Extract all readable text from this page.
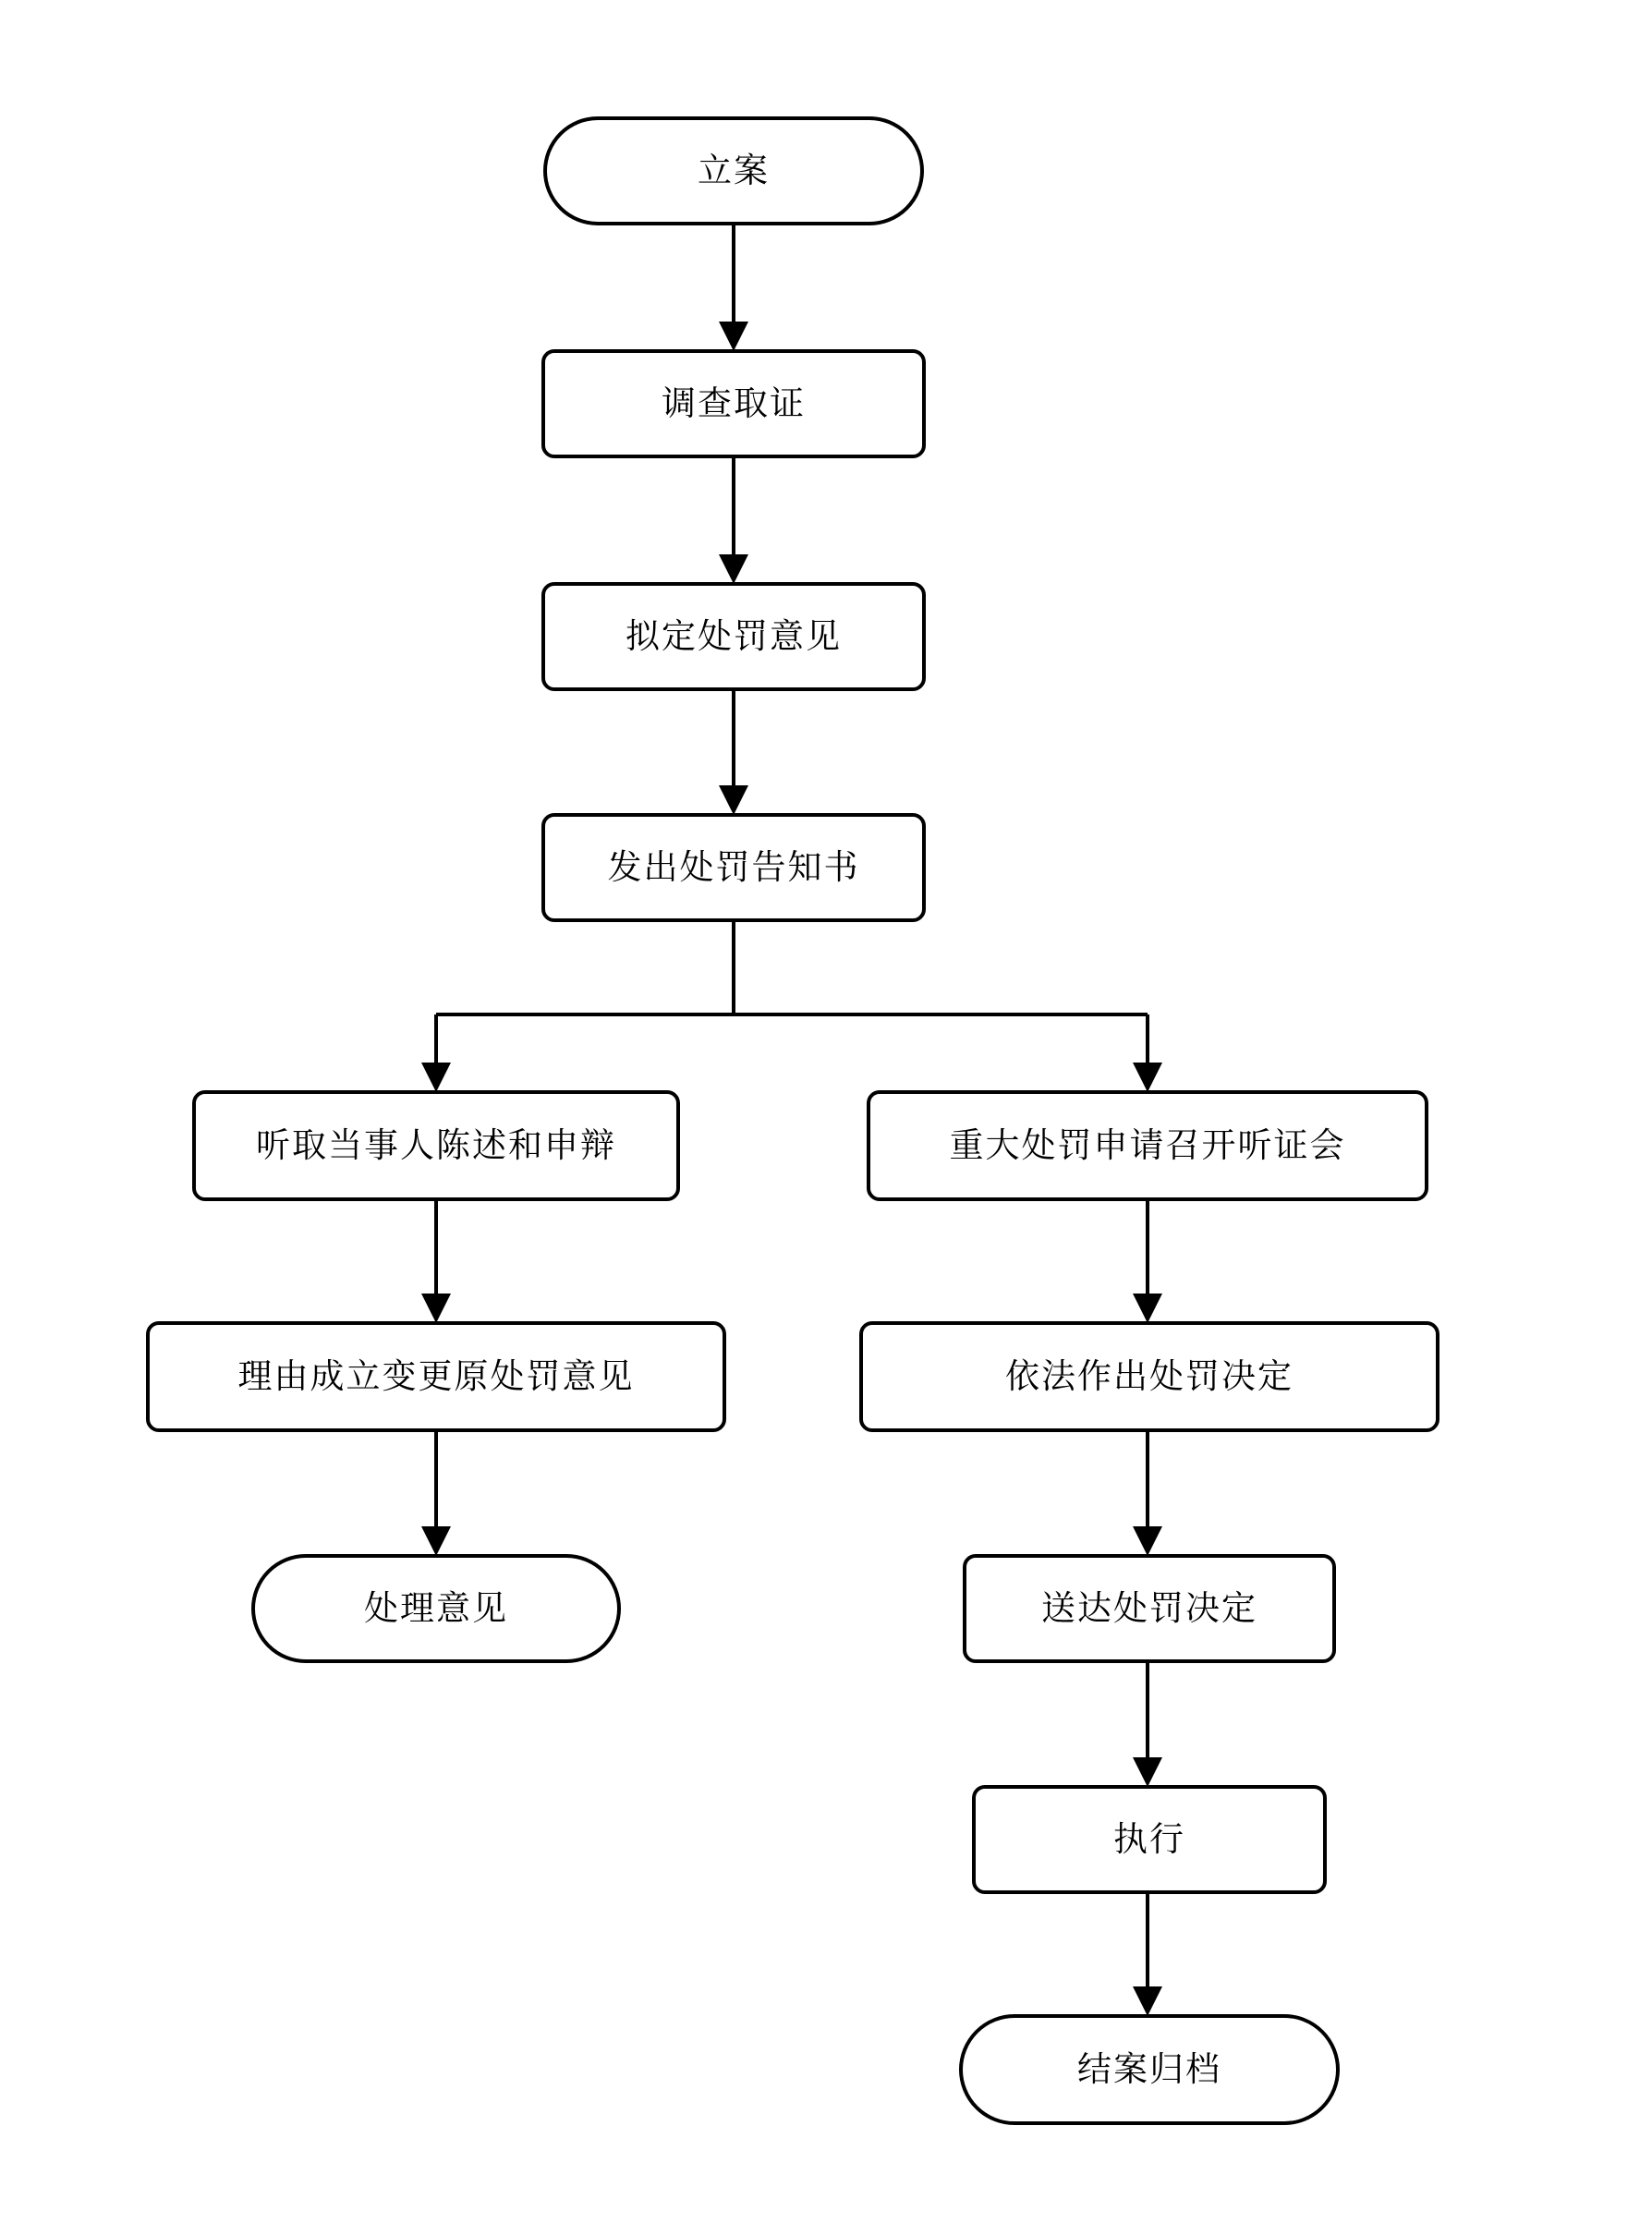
立案
调查取证
拟定处罚意见
发出处罚告知书
听取当事人陈述和申辩	重大处罚申请召开听证会
理由成立变更原处罚意见	依法作出处罚决定
处理意见	送达处罚决定
执行
结案归档
